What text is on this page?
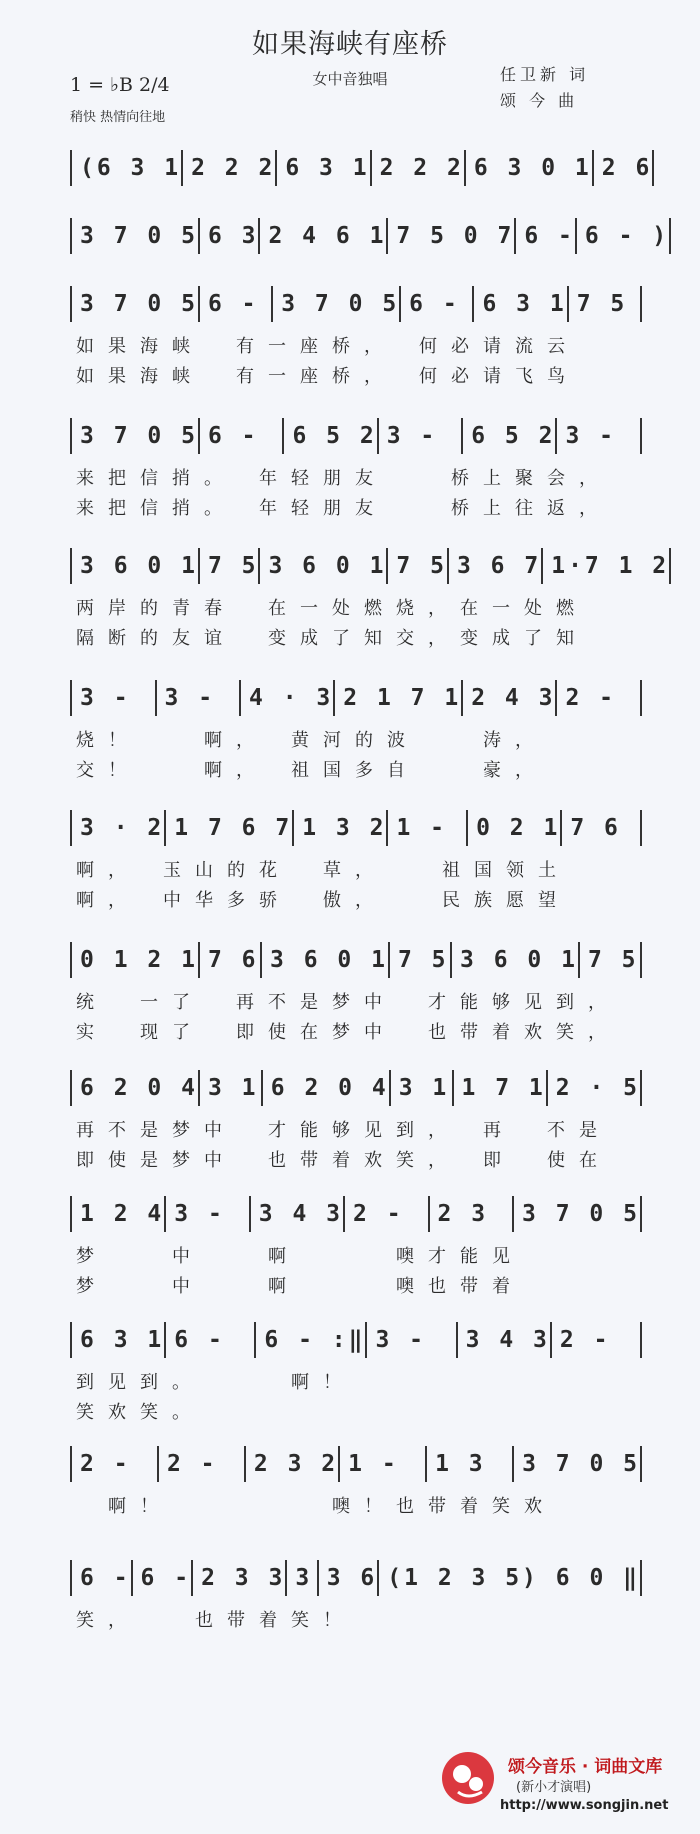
如果海峡有座桥
1 = ♭B 2/4
稍快 热情向往地
女中音独唱	任卫新 词
颂 今 曲
(6 3 1 2 2 2 6 3 1 2 2 2 6 3 0 1 2 6
3 7 0 5 6 3 2 4 6 1 7 5 0 7 6 - 6 - )
3 7 0 5 6 - 3 7 0 5 6 - 6 3 1 7 5
如果海峡　有一座桥，　何必请流云
如果海峡　有一座桥，　何必请飞鸟
3 7 0 5 6 -	6 5 2 3 -	6 5 2 3 -
来把信捎。　年轻朋友　　桥上聚会，
来把信捎。　年轻朋友　　桥上往返，
3 6 0 1 7 5 3 6 0 1 7 5 3 6 7 1·7 1 2
两岸的青春　在一处燃烧，在一处燃
隔断的友谊　变成了知交，变成了知
3 -	3 -	4 · 3 2 1 7 1 2 4 3 2 -
烧！　　啊，　黄河的波　　涛，
交！　　啊，　祖国多自　　豪，
3 · 2 1 7 6 7 1 3 2 1 -	0 2 1 7 6
啊，　玉山的花　草，　　祖国领土
啊，　中华多骄　傲，　　民族愿望
0 1 2 1 7 6 3 6 0 1 7 5 3 6 0 1 7 5
统　一了　再不是梦中　才能够见到，
实　现了　即使在梦中　也带着欢笑，
6 2 0 4 3 1 6 2 0 4 3 1 1 7 1 2 · 5
再不是梦中　才能够见到，　再　不是
即使是梦中　也带着欢笑，　即　使在
1 2 4 3 -	3 4 3 2 -	2 3	3 7 0 5
梦　　中　　啊　　　噢才能见
梦　　中　　啊　　　噢也带着
6 3 1 6 -	6 - :‖ 3 -	3 4 3 2 -
到见到。　　　啊！
笑欢笑。
2 -	2 -	2 3 2 1 -	1 3	3 7 0 5
　啊！　　　　　噢！也带着笑欢
6 - 6 - 2 3 3 3 3 6 (1 2 3 5) 6 0 ‖
笑，　　也带着笑！
颂今音乐 · 词曲文库
(新小才演唱)
http://www.songjin.net
